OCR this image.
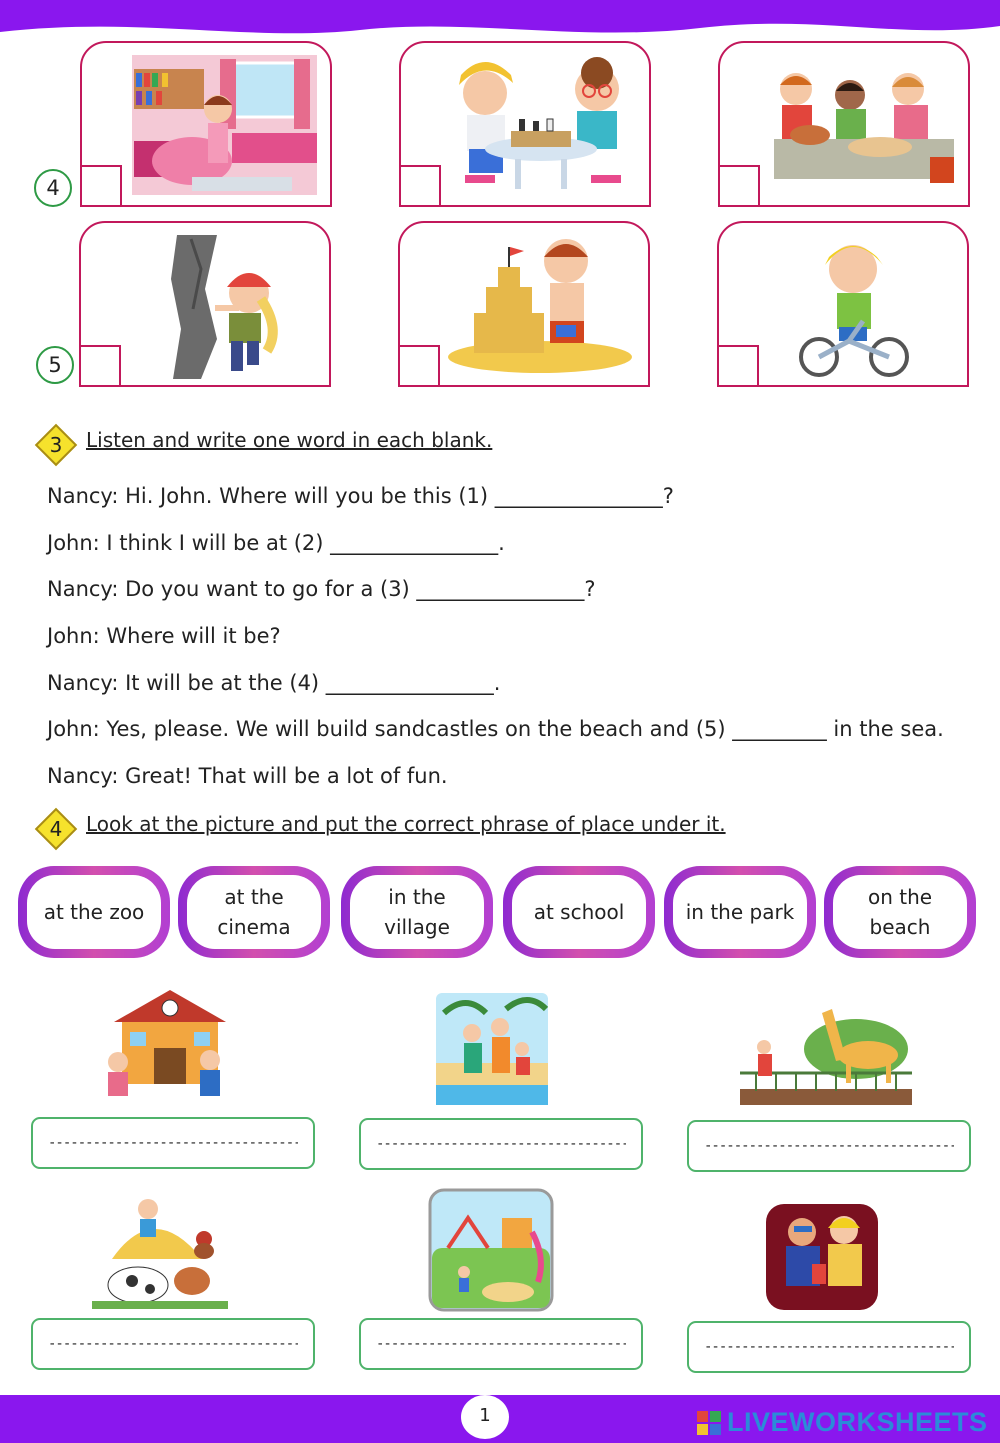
4
5
3	Listen and write one word in each blank.
Nancy: Hi. John. Where will you be this (1) ________________?
John: I think I will be at (2) ________________.
Nancy: Do you want to go for a (3) ________________?
John: Where will it be?
Nancy: It will be at the (4) ________________.
John: Yes, please. We will build sandcastles on the beach and (5) _________ in the sea.
Nancy: Great! That will be a lot of fun.
4	Look at the picture and put the correct phrase of place under it.
at the zoo

at the
cinema
in the
village
at school	in the park

on the
beach
------------------------------------
------------------------------------
------------------------------------
------------------------------------
------------------------------------
------------------------------------
1	LIVEWORKSHEETS
